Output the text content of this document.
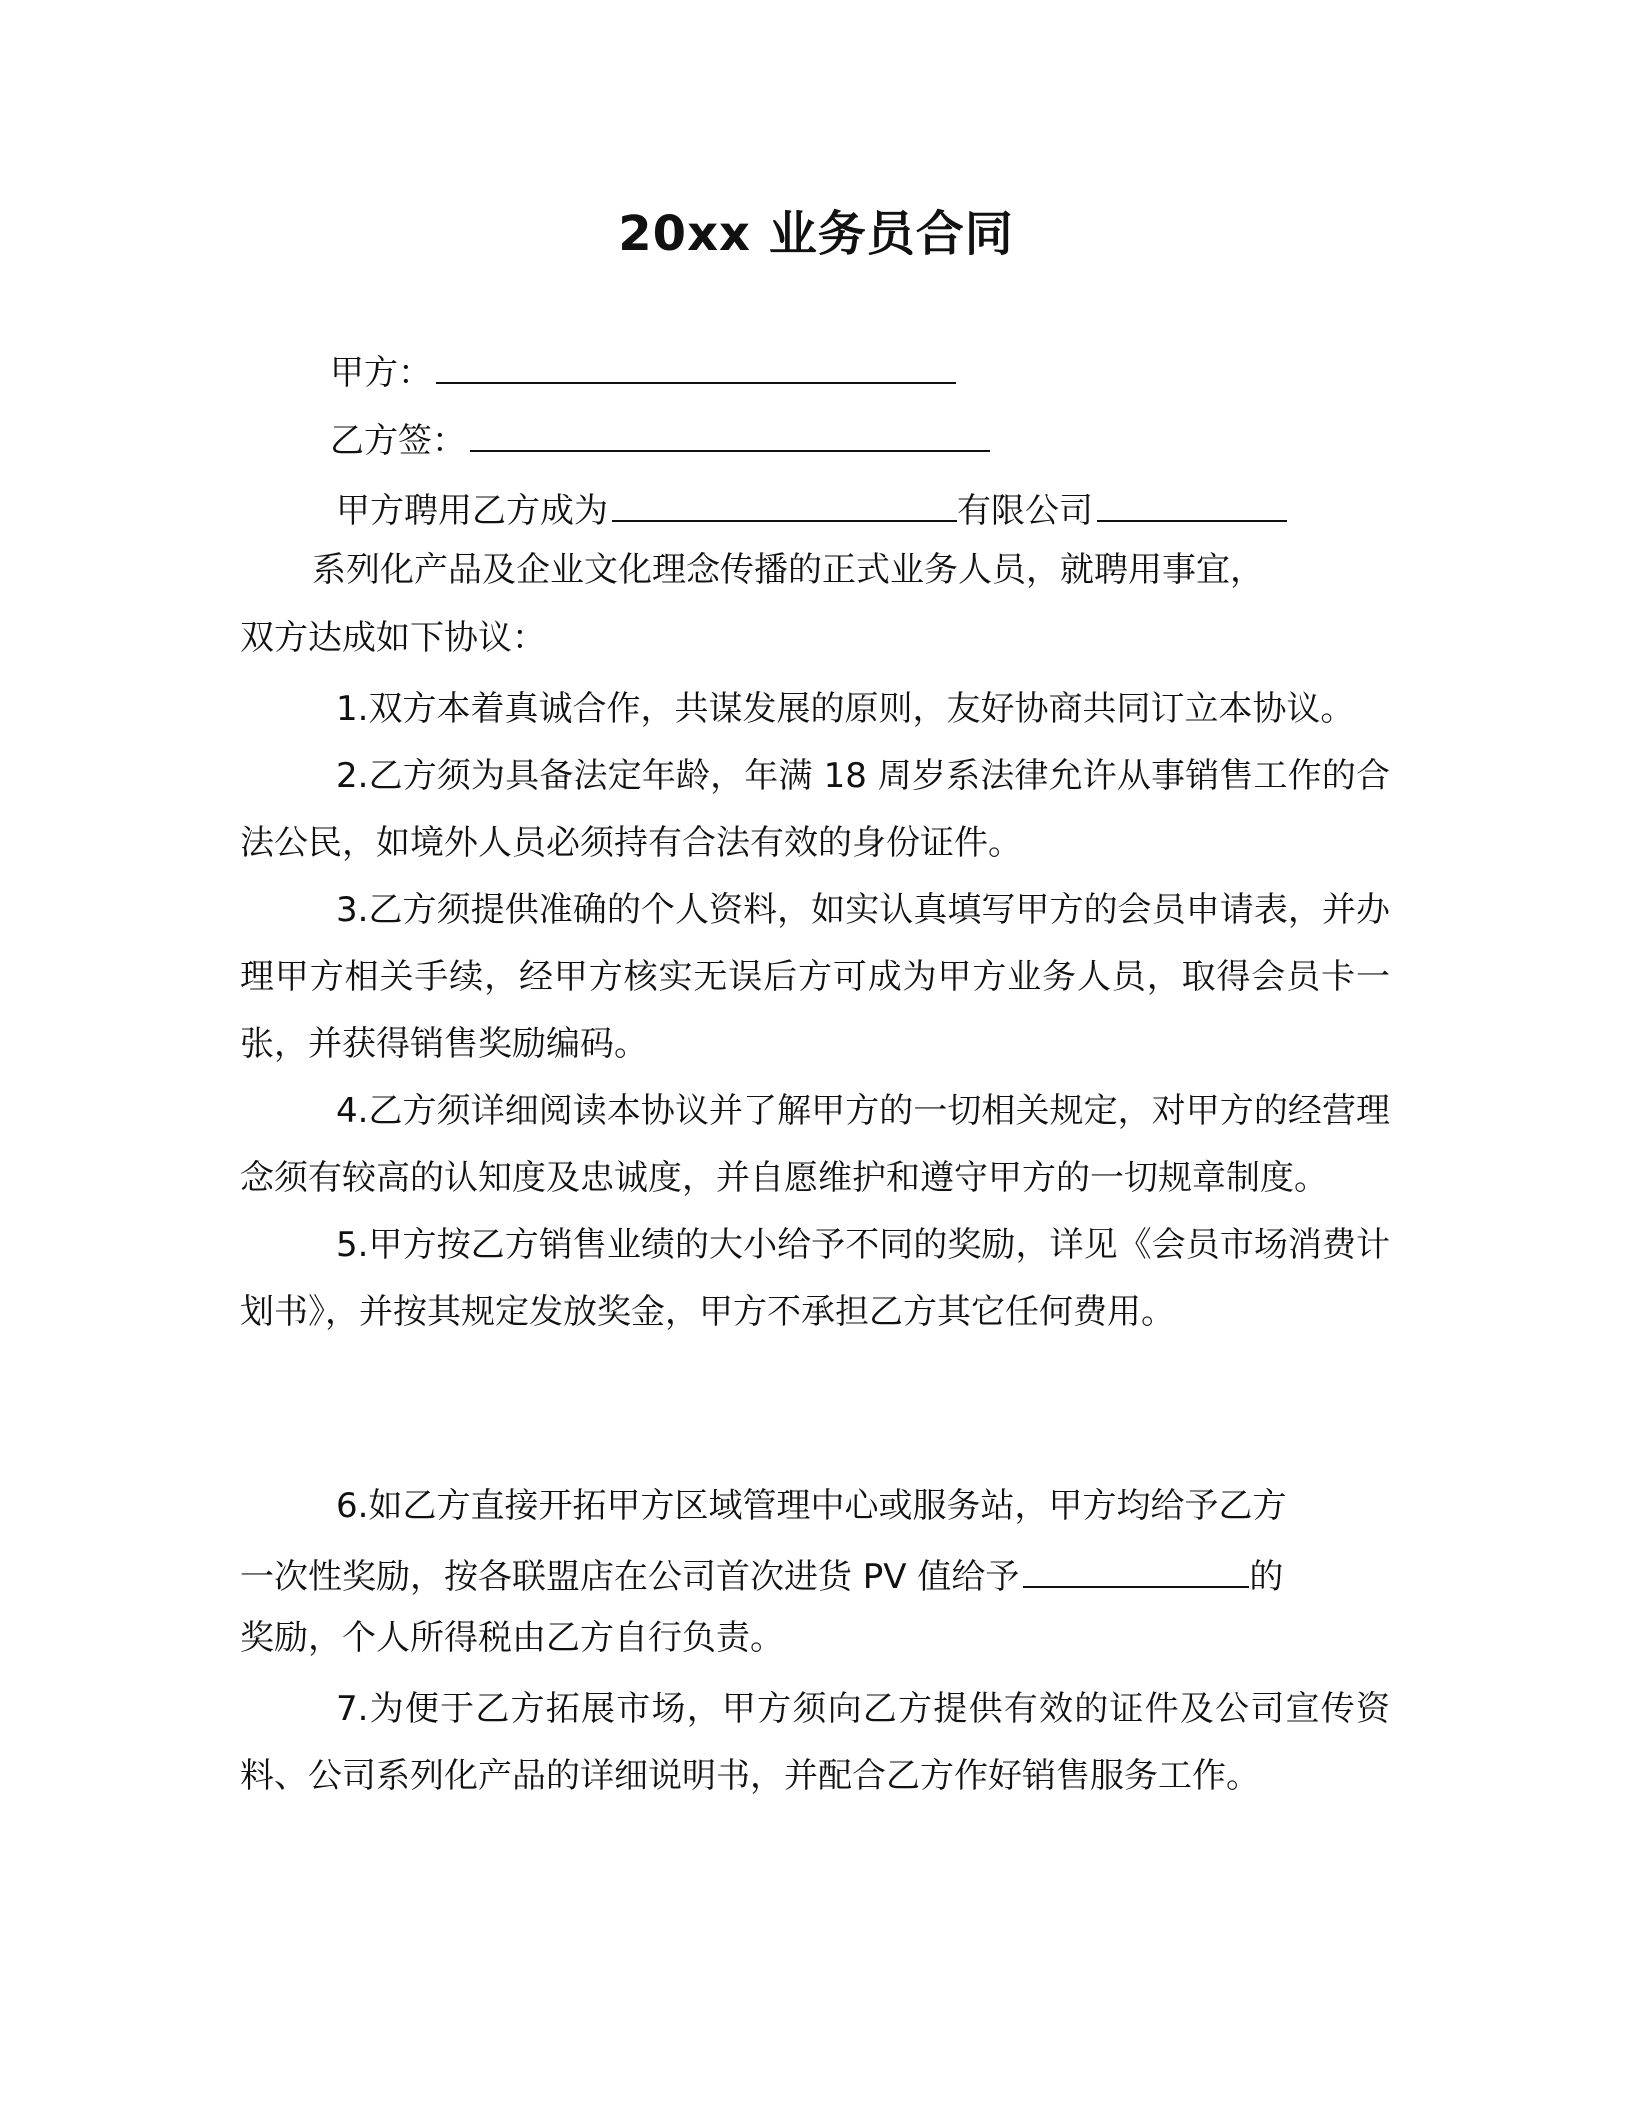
20xx 业务员合同
甲方：
乙方签：
甲方聘用乙方成为	有限公司
系列化产品及企业文化理念传播的正式业务人员，就聘用事宜，
双方达成如下协议：

1.双方本着真诚合作，共谋发展的原则，友好协商共同订立本协议。

2.乙方须为具备法定年龄，年满 18 周岁系法律允许从事销售工作的合法公民，如境外人员必须持有合法有效的身份证件。

3.乙方须提供准确的个人资料，如实认真填写甲方的会员申请表，并办理甲方相关手续，经甲方核实无误后方可成为甲方业务人员，取得会员卡一张，并获得销售奖励编码。

4.乙方须详细阅读本协议并了解甲方的一切相关规定，对甲方的经营理念须有较高的认知度及忠诚度，并自愿维护和遵守甲方的一切规章制度。

5.甲方按乙方销售业绩的大小给予不同的奖励，详见《会员市场消费计划书》，并按其规定发放奖金，甲方不承担乙方其它任何费用。

6.如乙方直接开拓甲方区域管理中心或服务站，甲方均给予乙方
一次性奖励，按各联盟店在公司首次进货 PV 值给予	的
奖励，个人所得税由乙方自行负责。

7.为便于乙方拓展市场，甲方须向乙方提供有效的证件及公司宣传资料、公司系列化产品的详细说明书，并配合乙方作好销售服务工作。
